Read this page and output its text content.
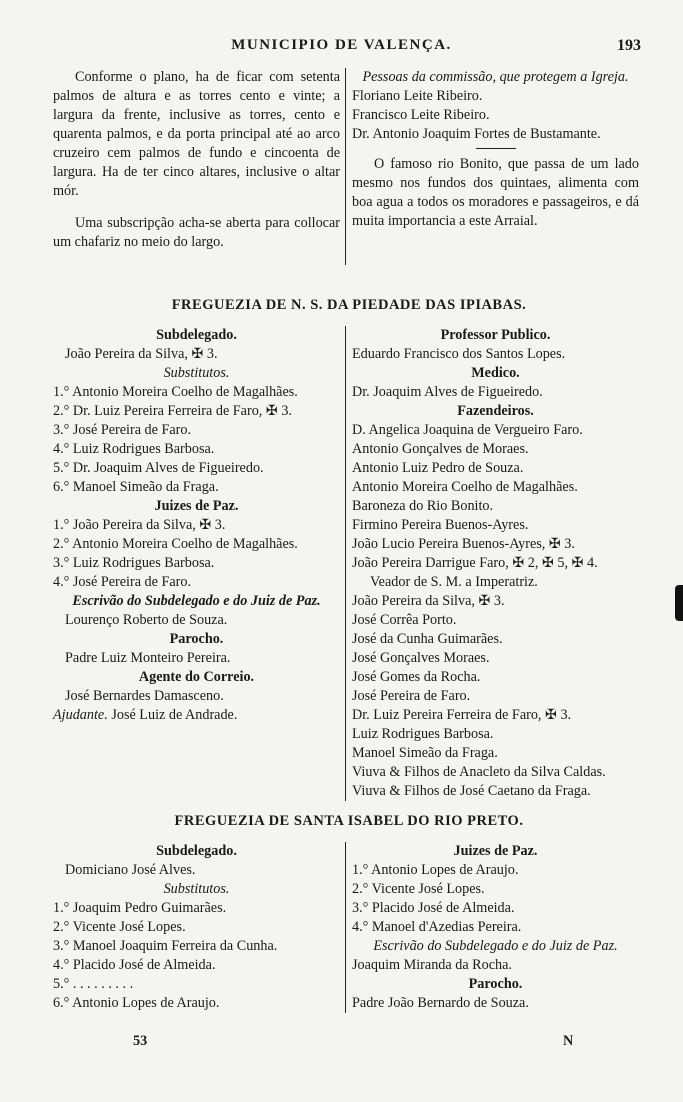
MUNICIPIO DE VALENÇA.	193

Conforme o plano, ha de ficar com setenta palmos de altura e as torres cento e vinte; a largura da frente, inclusive as torres, cento e quarenta palmos, e da porta principal até ao arco cruzeiro cem palmos de fundo e cincoenta de largura. Ha de ter cinco altares, inclusive o altar mór.

Uma subscripção acha-se aberta para collocar um chafariz no meio do largo.

Pessoas da commissão, que protegem a Igreja.
Floriano Leite Ribeiro.
Francisco Leite Ribeiro.
Dr. Antonio Joaquim Fortes de Bustamante.

O famoso rio Bonito, que passa de um lado mesmo nos fundos dos quintaes, alimenta com boa agua a todos os moradores e passageiros, e dá muita importancia a este Arraial.

FREGUEZIA DE N. S. DA PIEDADE DAS IPIABAS.
Subdelegado.
João Pereira da Silva, ✠ 3.
Substitutos.
1.° Antonio Moreira Coelho de Magalhães.
2.° Dr. Luiz Pereira Ferreira de Faro, ✠ 3.
3.° José Pereira de Faro.
4.° Luiz Rodrigues Barbosa.
5.° Dr. Joaquim Alves de Figueiredo.
6.° Manoel Simeão da Fraga.
Juizes de Paz.
1.° João Pereira da Silva, ✠ 3.
2.° Antonio Moreira Coelho de Magalhães.
3.° Luiz Rodrigues Barbosa.
4.° José Pereira de Faro.
Escrivão do Subdelegado e do Juiz de Paz.
Lourenço Roberto de Souza.
Parocho.
Padre Luiz Monteiro Pereira.
Agente do Correio.
José Bernardes Damasceno.
Ajudante. José Luiz de Andrade.
Professor Publico.
Eduardo Francisco dos Santos Lopes.
Medico.
Dr. Joaquim Alves de Figueiredo.
Fazendeiros.
D. Angelica Joaquina de Vergueiro Faro.
Antonio Gonçalves de Moraes.
Antonio Luiz Pedro de Souza.
Antonio Moreira Coelho de Magalhães.
Baroneza do Rio Bonito.
Firmino Pereira Buenos-Ayres.
João Lucio Pereira Buenos-Ayres, ✠ 3.
João Pereira Darrigue Faro, ✠ 2, ✠ 5, ✠ 4. Veador de S. M. a Imperatriz.
João Pereira da Silva, ✠ 3.
José Corrêa Porto.
José da Cunha Guimarães.
José Gonçalves Moraes.
José Gomes da Rocha.
José Pereira de Faro.
Dr. Luiz Pereira Ferreira de Faro, ✠ 3.
Luiz Rodrigues Barbosa.
Manoel Simeão da Fraga.
Viuva & Filhos de Anacleto da Silva Caldas.
Viuva & Filhos de José Caetano da Fraga.
FREGUEZIA DE SANTA ISABEL DO RIO PRETO.
Subdelegado.
Domiciano José Alves.
Substitutos.
1.° Joaquim Pedro Guimarães.
2.° Vicente José Lopes.
3.° Manoel Joaquim Ferreira da Cunha.
4.° Placido José de Almeida.
5.° . . . . . . . . .
6.° Antonio Lopes de Araujo.
Juizes de Paz.
1.° Antonio Lopes de Araujo.
2.° Vicente José Lopes.
3.° Placido José de Almeida.
4.° Manoel d'Azedias Pereira.
Escrivão do Subdelegado e do Juiz de Paz.
Joaquim Miranda da Rocha.
Parocho.
Padre João Bernardo de Souza.
53	N
